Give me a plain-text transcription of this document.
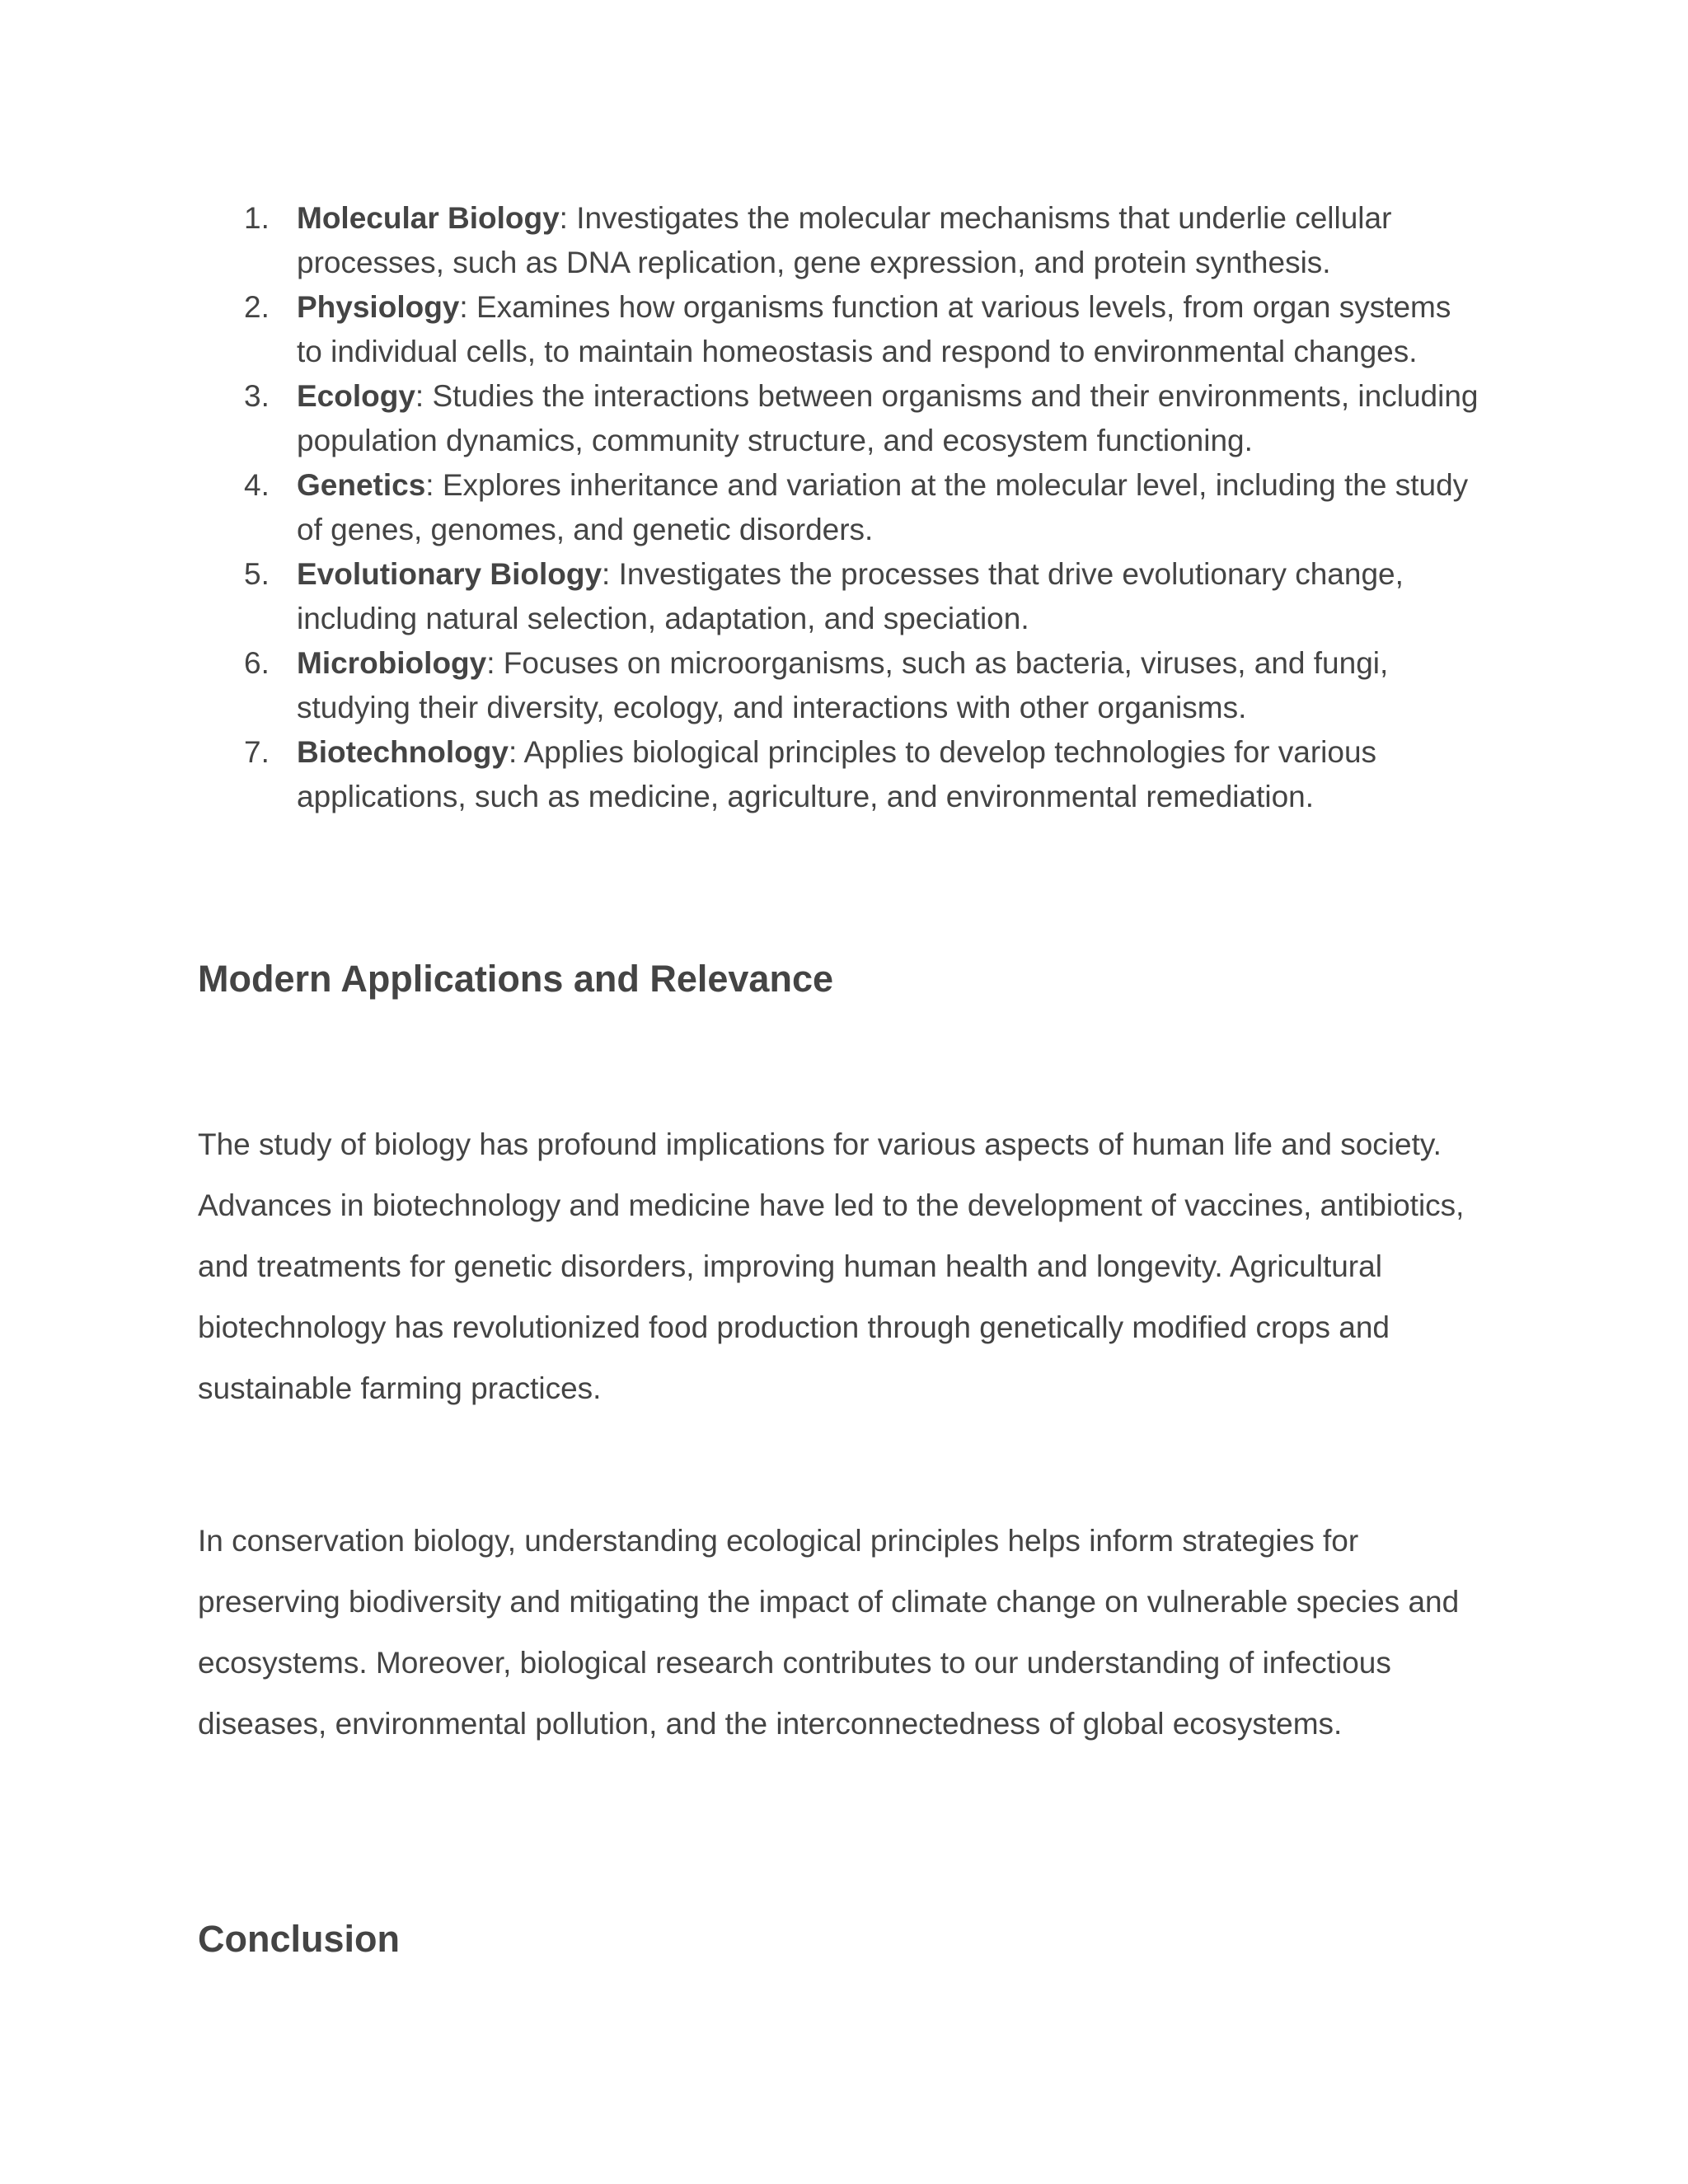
1. Molecular Biology: Investigates the molecular mechanisms that underlie cellular processes, such as DNA replication, gene expression, and protein synthesis.
2. Physiology: Examines how organisms function at various levels, from organ systems to individual cells, to maintain homeostasis and respond to environmental changes.
3. Ecology: Studies the interactions between organisms and their environments, including population dynamics, community structure, and ecosystem functioning.
4. Genetics: Explores inheritance and variation at the molecular level, including the study of genes, genomes, and genetic disorders.
5. Evolutionary Biology: Investigates the processes that drive evolutionary change, including natural selection, adaptation, and speciation.
6. Microbiology: Focuses on microorganisms, such as bacteria, viruses, and fungi, studying their diversity, ecology, and interactions with other organisms.
7. Biotechnology: Applies biological principles to develop technologies for various applications, such as medicine, agriculture, and environmental remediation.
Modern Applications and Relevance

The study of biology has profound implications for various aspects of human life and society. Advances in biotechnology and medicine have led to the development of vaccines, antibiotics, and treatments for genetic disorders, improving human health and longevity. Agricultural biotechnology has revolutionized food production through genetically modified crops and sustainable farming practices.

In conservation biology, understanding ecological principles helps inform strategies for preserving biodiversity and mitigating the impact of climate change on vulnerable species and ecosystems. Moreover, biological research contributes to our understanding of infectious diseases, environmental pollution, and the interconnectedness of global ecosystems.

Conclusion
